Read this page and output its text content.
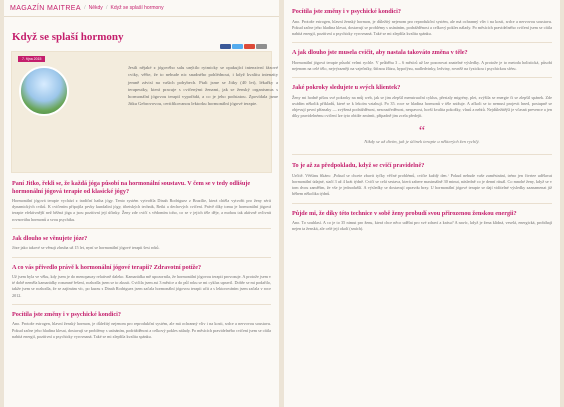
MAGAZÍN MAITREA / Někdy / Když se splaší hormony
Když se splaší hormony
7. října 2015

Jestli nějaké z jógového salu unýtilo rytmicky se opakující intenzivní fázové cviky, věřte, že to nebude nic snadného pohlédnout, i když kvalitu intenzity jemně závisí na vašich pohybech. Ptali jsme se Jitky (40 let), lékařky a terapeutky, která pracuje s cvičenými ženami, jak se ženský organismus s hormonální jógovou terapií vypořádá, a co je jeho podstatou. Zpovídala jsme Jitku Gebrovovou, certifikovanou lektorku hormonální jógové terapie.

Paní Jitko, řekli se, že každá jóga působí na hormonální soustavu. V čem se v tedy odlišuje hormonální jógová terapie od klasické jógy?

Hormonální jógová terapie vychází z tradiční hatha jógy. Tento systém vytvořila Dinah Rodriguez z Brazílie, která chtěla vytvořit pro ženy sérii dynamických cviků. K cvičením připojila prvky kundaliní jógy, tibetských technik, Reiki a dechových cvičení. Právě díky tomu je hormonální jógová terapie efektivnější než běžná jóga a jsou pozitivní její účinky. Ženy zde cvičí s vědomím toho, co se v jejich těle děje, a mohou tak aktivně ovlivnit rovnováhu hormonů a svou psychiku.

Jak dlouho se věnujete józe?

Józe jako takové se věnuji zhruba už 15 let, nyní se hormonální jógové terapii šest roků.

A co vás přivedlo právě k hormonální jógové terapii? Zdravotní potíže?

Už jsem byla ve věku, kdy jsem je do menopauzy relativně daleko. Kamarádka mě upozornila, že hormonální jógovou terapii provozuje. A protože jsem v té době neměla kamarádky rozumné řešení, rozhodla jsem se to zkusit. Cvičila jsem asi 3 měsíce a do půl roku se mi cyklus upravil. Dobře se mi podařilo, takže jsem se rozhodla, že se zajímám víc, po kurzu s Dinah Rodriguez jsem začala hormonální jógovou terapii učit a s lektorováním jsem začala v roce 2012.

Pocítila jste změny i v psychické kondici?

Ano. Protože estrogen, hlavní ženský hormon, je důležitý nejenom pro reprodukční systém, ale má ochranný vliv i na kosti, srdce a nervovou soustavu. Pokud začne jeho hladina klesat, dostavují se problémy s usínáním, podrážděnost a celkový pokles nálady. Po měsících pravidelného cvičení jsem se cítila nabitá energií, pozitivní a psychicky vyrovnaná. Také se mi zlepšila kvalita spánku.

Pocítila jste změny i v psychické kondici?

Ano. Protože estrogen, hlavní ženský hormon, je důležitý nejenom pro reprodukční systém, ale má ochranný vliv i na kosti, srdce a nervovou soustavu. Pokud začne jeho hladina klesat, dostavují se problémy s usínáním, podrážděnost a celkový pokles nálady. Po měsících pravidelného cvičení jsem se cítila nabitá energií, pozitivní a psychicky vyrovnaná. Také se mi zlepšila kvalita spánku.

A jak dlouho jste musela cvičit, aby nastala takováto změna v těle?

Hormonální jógová terapie působí velmi rychle. V průběhu 3 – 6 měsíců už lze pozorovat znatelné výsledky. A protože je to metoda holistická, působí nejenom na celé tělo, nejvýrazněji na vaječníky, štítnou žlázu, hypofýzu, nadledvinky, ledviny, rovněž na fyzickou i psychickou sféru.

Jaké pokroky sledujete u svých klientek?

Ženy mi hodně píšou své pokroky na můj web, jak se jim zlepšil menstruační cyklus, přestaly migrény, plet, zvýšila se energie či se zlepšil spánek. Zde uvádím několik příkladů, které se k lekcím vztahují. Po 35. roce se hladina hormonů v těle snižuje. A ačkoli se to nemusí projevit hned, postupně se objevují první příznaky — zvýšená podrážděnost, nesoustředěnost, nespavost, horší kvalita pokožky, vlasů a nehtů. Nejdůležitější je včasná prevence a jen díky pravidelnému cvičení lze tyto obtíže zmírnit, případně jim zcela předejít.

“

Nikdy se až divím, jak je účinek terapie u některých žen rychlý.

To je až za předpokladu, když se cvičí pravidelně?

Určitě. Většinu říkám: ‚Pokud se chcete zbavit tyčky věčné problémů, cvičte každý den.‘ Pokud nebude vaše zaměstnání, tréno jen čtvrtee udělavat hormonální údajné, stačí 3 až 4 krát týdně. Cvičí se celá sestava, která zabere maximálně 30 minut, následně co je denní rituál. Co mnohé ženy, když se v tom dvou zaměřím, že vše je jednodušší. A výsledky se dostavují opravdu brzy. U hormonální jógové terapie se dají viditelné výsledky zaznamenat již během několika týdnů.

Půjde mi, že díky této technice v sobě ženy probudí svou přirozenou ženskou energii?

Ano. To souhlasí. A co je to 35 nimut pro ženu, která chce něco udělat pro své zdraví a krásu? A navíc, když je žena klidná, veselá, energická, probíhají nejen ta ženská, ale celé její okolí (smích).
